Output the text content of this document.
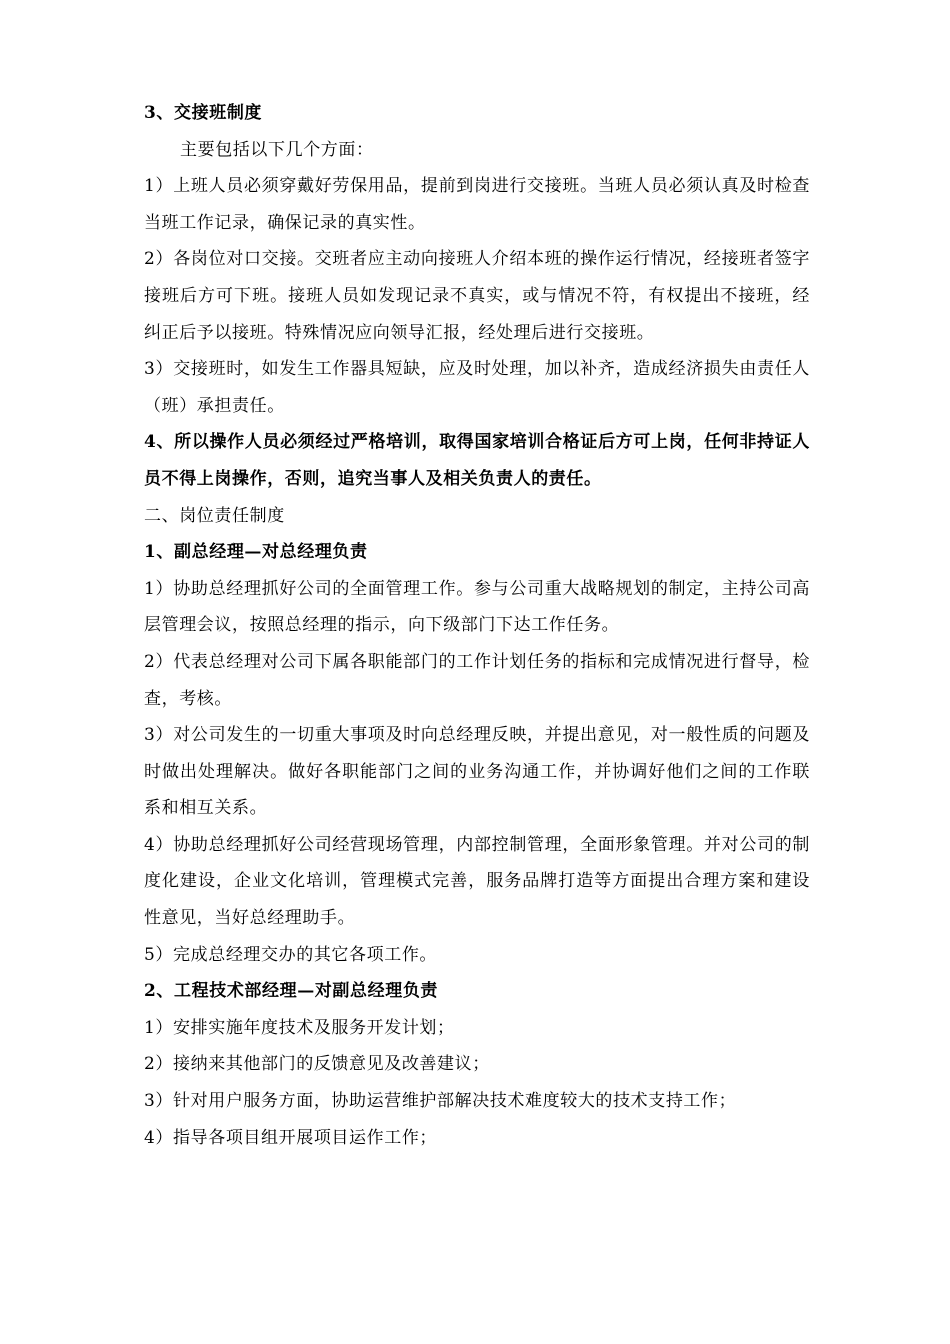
3、交接班制度

主要包括以下几个方面：

1）上班人员必须穿戴好劳保用品，提前到岗进行交接班。当班人员必须认真及时检查当班工作记录，确保记录的真实性。

2）各岗位对口交接。交班者应主动向接班人介绍本班的操作运行情况，经接班者签字接班后方可下班。接班人员如发现记录不真实，或与情况不符，有权提出不接班，经纠正后予以接班。特殊情况应向领导汇报，经处理后进行交接班。

3）交接班时，如发生工作器具短缺，应及时处理，加以补齐，造成经济损失由责任人（班）承担责任。

4、所以操作人员必须经过严格培训，取得国家培训合格证后方可上岗，任何非持证人员不得上岗操作，否则，追究当事人及相关负责人的责任。

二、岗位责任制度

1、副总经理—对总经理负责

1）协助总经理抓好公司的全面管理工作。参与公司重大战略规划的制定，主持公司高层管理会议，按照总经理的指示，向下级部门下达工作任务。

2）代表总经理对公司下属各职能部门的工作计划任务的指标和完成情况进行督导，检查，考核。

3）对公司发生的一切重大事项及时向总经理反映，并提出意见，对一般性质的问题及时做出处理解决。做好各职能部门之间的业务沟通工作，并协调好他们之间的工作联系和相互关系。

4）协助总经理抓好公司经营现场管理，内部控制管理，全面形象管理。并对公司的制度化建设，企业文化培训，管理模式完善，服务品牌打造等方面提出合理方案和建设性意见，当好总经理助手。

5）完成总经理交办的其它各项工作。

2、工程技术部经理—对副总经理负责

1）安排实施年度技术及服务开发计划；

2）接纳来其他部门的反馈意见及改善建议；

3）针对用户服务方面，协助运营维护部解决技术难度较大的技术支持工作；

4）指导各项目组开展项目运作工作；
